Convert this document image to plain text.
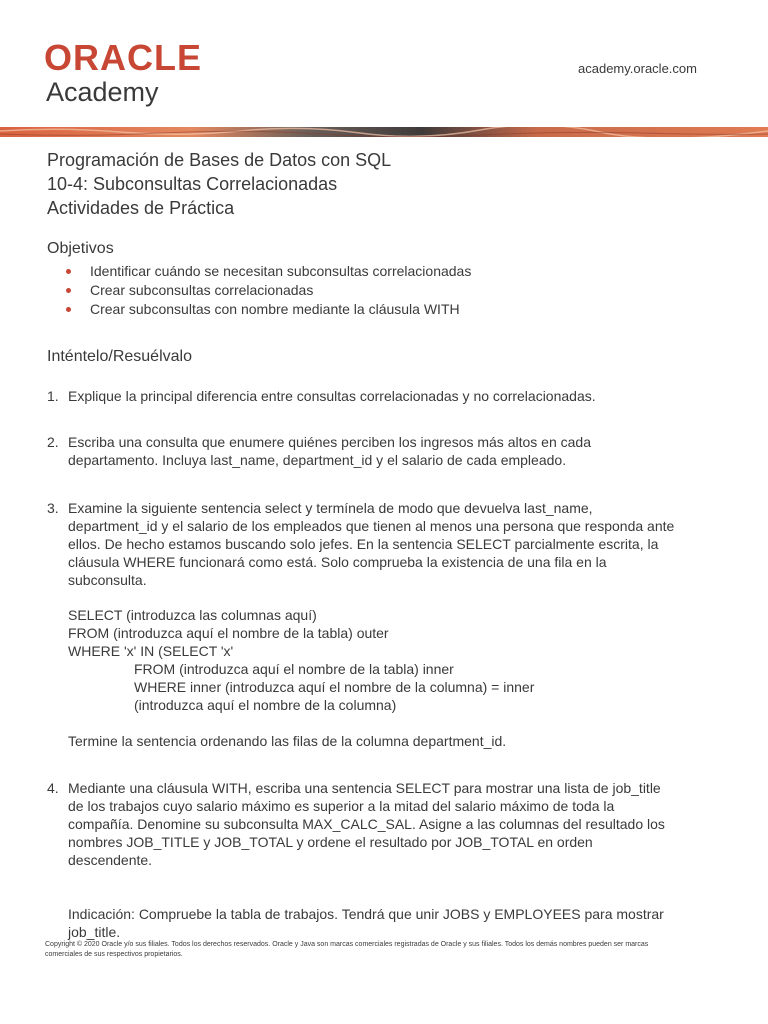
ORACLE

Academy

academy.oracle.com
Programación de Bases de Datos con SQL
10-4: Subconsultas Correlacionadas
Actividades de Práctica
Objetivos
Identificar cuándo se necesitan subconsultas correlacionadas
Crear subconsultas correlacionadas
Crear subconsultas con nombre mediante la cláusula WITH
Inténtelo/Resuélvalo
1. Explique la principal diferencia entre consultas correlacionadas y no correlacionadas.

2. Escriba una consulta que enumere quiénes perciben los ingresos más altos en cada

departamento. Incluya last_name, department_id y el salario de cada empleado.

3. Examine la siguiente sentencia select y termínela de modo que devuelva last_name,

department_id y el salario de los empleados que tienen al menos una persona que responda ante

ellos. De hecho estamos buscando solo jefes. En la sentencia SELECT parcialmente escrita, la

cláusula WHERE funcionará como está. Solo comprueba la existencia de una fila en la

subconsulta.

SELECT (introduzca las columnas aquí)

FROM (introduzca aquí el nombre de la tabla) outer

WHERE 'x' IN (SELECT 'x'

FROM (introduzca aquí el nombre de la tabla) inner

WHERE inner (introduzca aquí el nombre de la columna) = inner

(introduzca aquí el nombre de la columna)

Termine la sentencia ordenando las filas de la columna department_id.

4. Mediante una cláusula WITH, escriba una sentencia SELECT para mostrar una lista de job_title

de los trabajos cuyo salario máximo es superior a la mitad del salario máximo de toda la

compañía. Denomine su subconsulta MAX_CALC_SAL. Asigne a las columnas del resultado los

nombres JOB_TITLE y JOB_TOTAL y ordene el resultado por JOB_TOTAL en orden

descendente.

Indicación: Compruebe la tabla de trabajos. Tendrá que unir JOBS y EMPLOYEES para mostrar

job_title.

Copyright © 2020 Oracle y/o sus filiales. Todos los derechos reservados. Oracle y Java son marcas comerciales registradas de Oracle y sus filiales. Todos los demás nombres pueden ser marcas
comerciales de sus respectivos propietarios.
